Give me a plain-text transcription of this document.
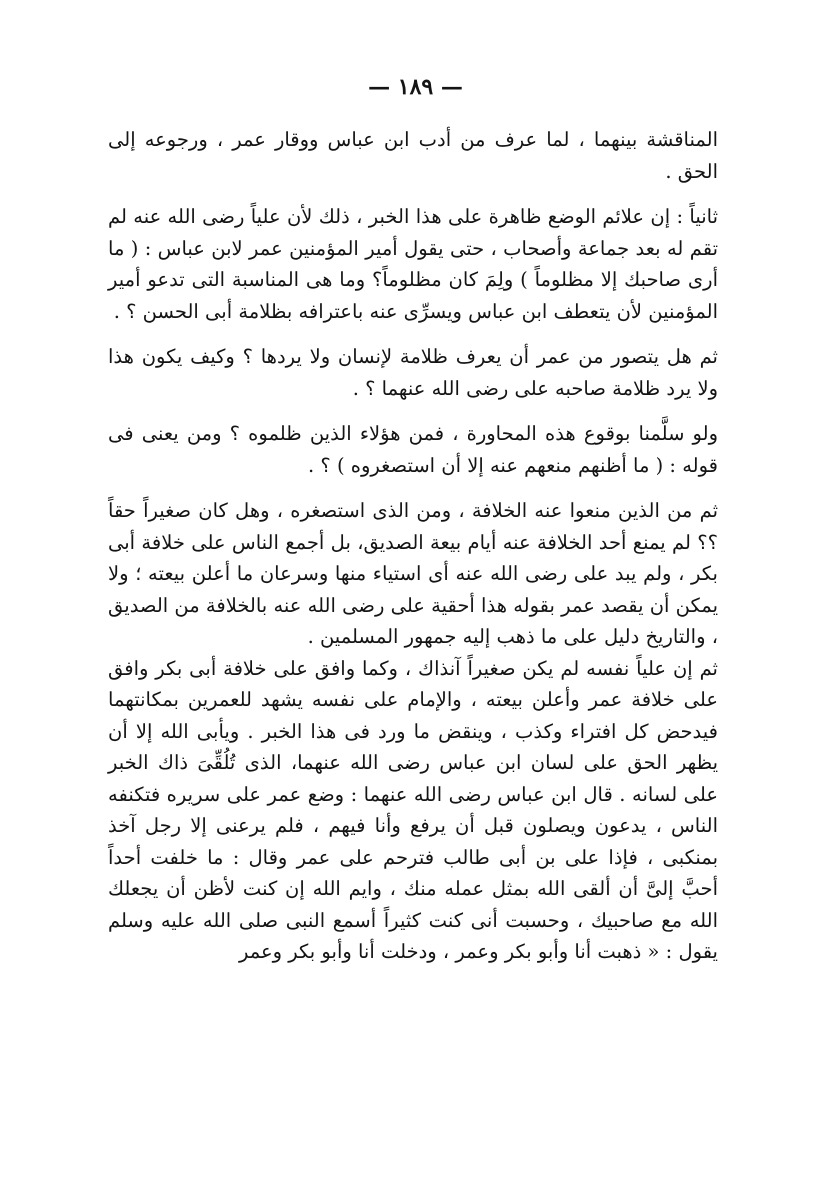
— ١٨٩ —

المناقشة بينهما ، لما عرف من أدب ابن عباس ووقار عمر ، ورجوعه إلى الحق .

ثانياً : إن علائم الوضع ظاهرة على هذا الخبر ، ذلك لأن علياً رضى الله عنه لم تقم له بعد جماعة وأصحاب ، حتى يقول أمير المؤمنين عمر لابن عباس : ( ما أرى صاحبك إلا مظلوماً ) ولِمَ كان مظلوماً؟ وما هى المناسبة التى تدعو أمير المؤمنين لأن يتعطف ابن عباس ويسرِّى عنه باعترافه بظلامة أبى الحسن ؟ .

ثم هل يتصور من عمر أن يعرف ظلامة لإنسان ولا يردها ؟ وكيف يكون هذا ولا يرد ظلامة صاحبه على رضى الله عنهما ؟ .

ولو سلَّمنا بوقوع هذه المحاورة ، فمن هؤلاء الذين ظلموه ؟ ومن يعنى فى قوله : ( ما أظنهم منعهم عنه إلا أن استصغروه ) ؟ .

ثم من الذين منعوا عنه الخلافة ، ومن الذى استصغره ، وهل كان صغيراً حقاً ؟؟ لم يمنع أحد الخلافة عنه أيام بيعة الصديق، بل أجمع الناس على خلافة أبى بكر ، ولم يبد على رضى الله عنه أى استياء منها وسرعان ما أعلن بيعته ؛ ولا يمكن أن يقصد عمر بقوله هذا أحقية على رضى الله عنه بالخلافة من الصديق ، والتاريخ دليل على ما ذهب إليه جمهور المسلمين .

ثم إن علياً نفسه لم يكن صغيراً آنذاك ، وكما وافق على خلافة أبى بكر وافق على خلافة عمر وأعلن بيعته ، والإمام على نفسه يشهد للعمرين بمكانتهما فيدحض كل افتراء وكذب ، وينقض ما ورد فى هذا الخبر . ويأبى الله إلا أن يظهر الحق على لسان ابن عباس رضى الله عنهما، الذى تُلُقِّىَ ذاك الخبر على لسانه . قال ابن عباس رضى الله عنهما : وضع عمر على سريره فتكنفه الناس ، يدعون ويصلون قبل أن يرفع وأنا فيهم ، فلم يرعنى إلا رجل آخذ بمنكبى ، فإذا على بن أبى طالب فترحم على عمر وقال : ما خلفت أحداً أحبَّ إلىَّ أن ألقى الله بمثل عمله منك ، وايم الله إن كنت لأظن أن يجعلك الله مع صاحبيك ، وحسبت أنى كنت كثيراً أسمع النبى صلى الله عليه وسلم يقول : « ذهبت أنا وأبو بكر وعمر ، ودخلت أنا وأبو بكر وعمر
